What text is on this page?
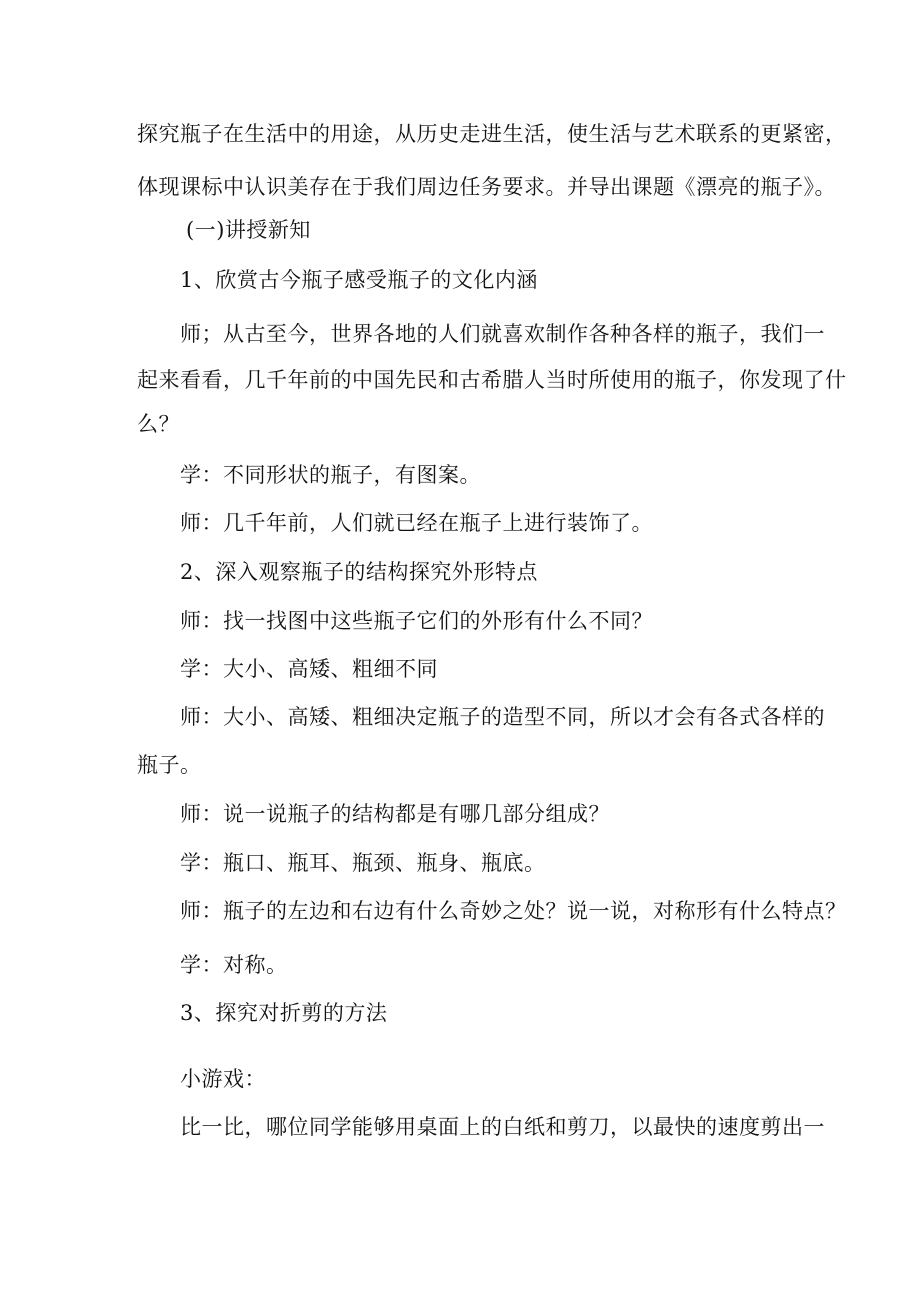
探究瓶子在生活中的用途，从历史走进生活，使生活与艺术联系的更紧密，
体现课标中认识美存在于我们周边任务要求。并导出课题《漂亮的瓶子》。
(一)讲授新知
1、欣赏古今瓶子感受瓶子的文化内涵
师；从古至今，世界各地的人们就喜欢制作各种各样的瓶子，我们一
起来看看，几千年前的中国先民和古希腊人当时所使用的瓶子，你发现了什
么？
学：不同形状的瓶子，有图案。
师：几千年前，人们就已经在瓶子上进行装饰了。
2、深入观察瓶子的结构探究外形特点
师：找一找图中这些瓶子它们的外形有什么不同？
学：大小、高矮、粗细不同
师：大小、高矮、粗细决定瓶子的造型不同，所以才会有各式各样的
瓶子。
师：说一说瓶子的结构都是有哪几部分组成？
学：瓶口、瓶耳、瓶颈、瓶身、瓶底。
师：瓶子的左边和右边有什么奇妙之处？说一说，对称形有什么特点？
学：对称。
3、探究对折剪的方法
小游戏：
比一比，哪位同学能够用桌面上的白纸和剪刀，以最快的速度剪出一
